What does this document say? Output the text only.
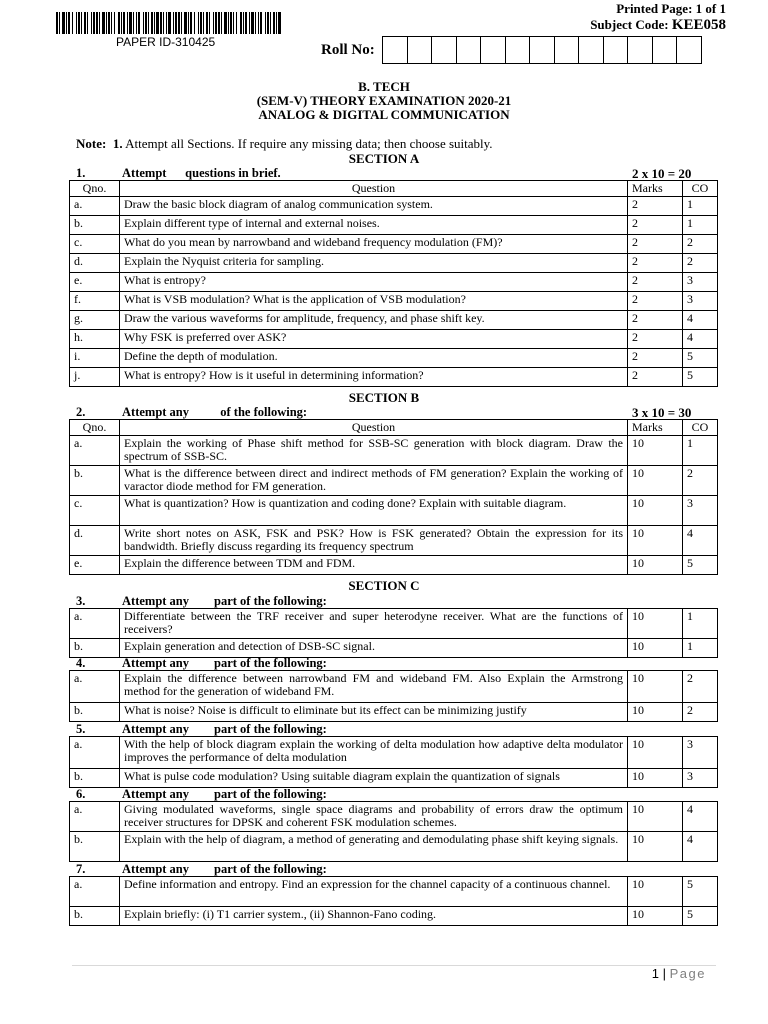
PAPER ID-310425
Printed Page: 1 of 1
Subject Code: KEE058
Roll No:
B. TECH
(SEM-V) THEORY EXAMINATION 2020-21
ANALOG & DIGITAL COMMUNICATION
Note: 1. Attempt all Sections. If require any missing data; then choose suitably.
SECTION A
1.	Attempt      questions in brief.	2 x 10 = 20
Qno.	Question	Marks	CO
a.	Draw the basic block diagram of analog communication system.	2	1
b.	Explain different type of internal and external noises.	2	1
c.	What do you mean by narrowband and wideband frequency modulation (FM)?	2	2
d.	Explain the Nyquist criteria for sampling.	2	2
e.	What is entropy?	2	3
f.	What is VSB modulation? What is the application of VSB modulation?	2	3
g.	Draw the various waveforms for amplitude, frequency, and phase shift key.	2	4
h.	Why FSK is preferred over ASK?	2	4
i.	Define the depth of modulation.	2	5
j.	What is entropy? How is it useful in determining information?	2	5
SECTION B
2.	Attempt any          of the following:	3 x 10 = 30
Qno.	Question	Marks	CO
a.	Explain the working of Phase shift method for SSB-SC generation with block diagram. Draw the spectrum of SSB-SC.	10	1
b.	What is the difference between direct and indirect methods of FM generation? Explain the working of varactor diode method for FM generation.	10	2
c.	What is quantization? How is quantization and coding done? Explain with suitable diagram.	10	3
d.	Write short notes on ASK, FSK and PSK? How is FSK generated? Obtain the expression for its bandwidth. Briefly discuss regarding its frequency spectrum	10	4
e.	Explain the difference between TDM and FDM.	10	5
SECTION C
3.	Attempt any        part of the following:
a.	Differentiate between the TRF receiver and super heterodyne receiver. What are the functions of receivers?	10	1
b.	Explain generation and detection of DSB-SC signal.	10	1
4.	Attempt any        part of the following:
a.	Explain the difference between narrowband FM and wideband FM. Also Explain the Armstrong method for the generation of wideband FM.	10	2
b.	What is noise? Noise is difficult to eliminate but its effect can be minimizing justify	10	2
5.	Attempt any        part of the following:
a.	With the help of block diagram explain the working of delta modulation how adaptive delta modulator improves the performance of delta modulation	10	3
b.	What is pulse code modulation? Using suitable diagram explain the quantization of signals	10	3
6.	Attempt any        part of the following:
a.	Giving modulated waveforms, single space diagrams and probability of errors draw the optimum receiver structures for DPSK and coherent FSK modulation schemes.	10	4
b.	Explain with the help of diagram, a method of generating and demodulating phase shift keying signals.	10	4
7.	Attempt any        part of the following:
a.	Define information and entropy. Find an expression for the channel capacity of a continuous channel.	10	5
b.	Explain briefly: (i) T1 carrier system., (ii) Shannon-Fano coding.	10	5
1 | Page
